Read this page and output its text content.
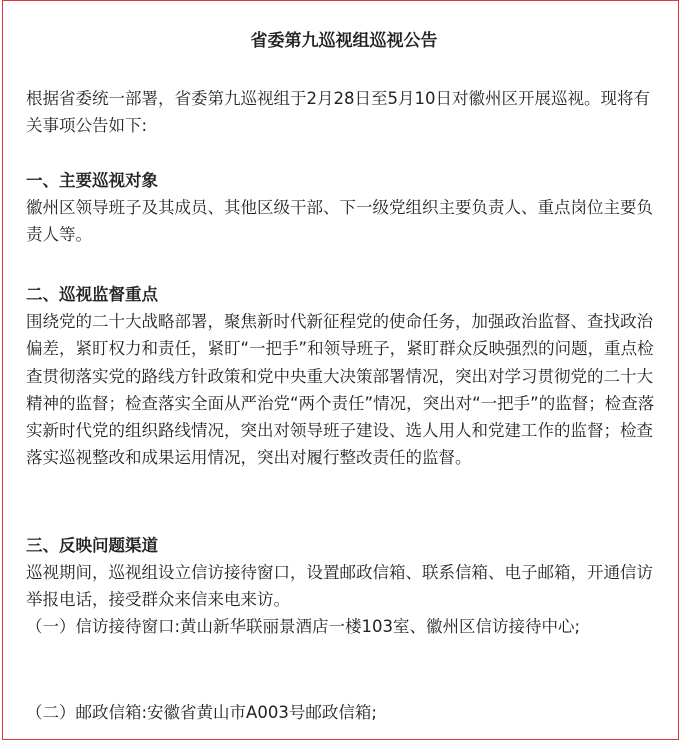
省委第九巡视组巡视公告

根据省委统一部署，省委第九巡视组于2月28日至5月10日对徽州区开展巡视。现将有关事项公告如下:

一、主要巡视对象

徽州区领导班子及其成员、其他区级干部、下一级党组织主要负责人、重点岗位主要负责人等。

二、巡视监督重点

围绕党的二十大战略部署，聚焦新时代新征程党的使命任务，加强政治监督、查找政治偏差，紧盯权力和责任，紧盯“一把手”和领导班子，紧盯群众反映强烈的问题，重点检查贯彻落实党的路线方针政策和党中央重大决策部署情况，突出对学习贯彻党的二十大精神的监督；检查落实全面从严治党“两个责任”情况，突出对“一把手”的监督；检查落实新时代党的组织路线情况，突出对领导班子建设、选人用人和党建工作的监督；检查落实巡视整改和成果运用情况，突出对履行整改责任的监督。

三、反映问题渠道

巡视期间，巡视组设立信访接待窗口，设置邮政信箱、联系信箱、电子邮箱，开通信访举报电话，接受群众来信来电来访。

（一）信访接待窗口:黄山新华联丽景酒店一楼103室、徽州区信访接待中心;

（二）邮政信箱:安徽省黄山市A003号邮政信箱;
